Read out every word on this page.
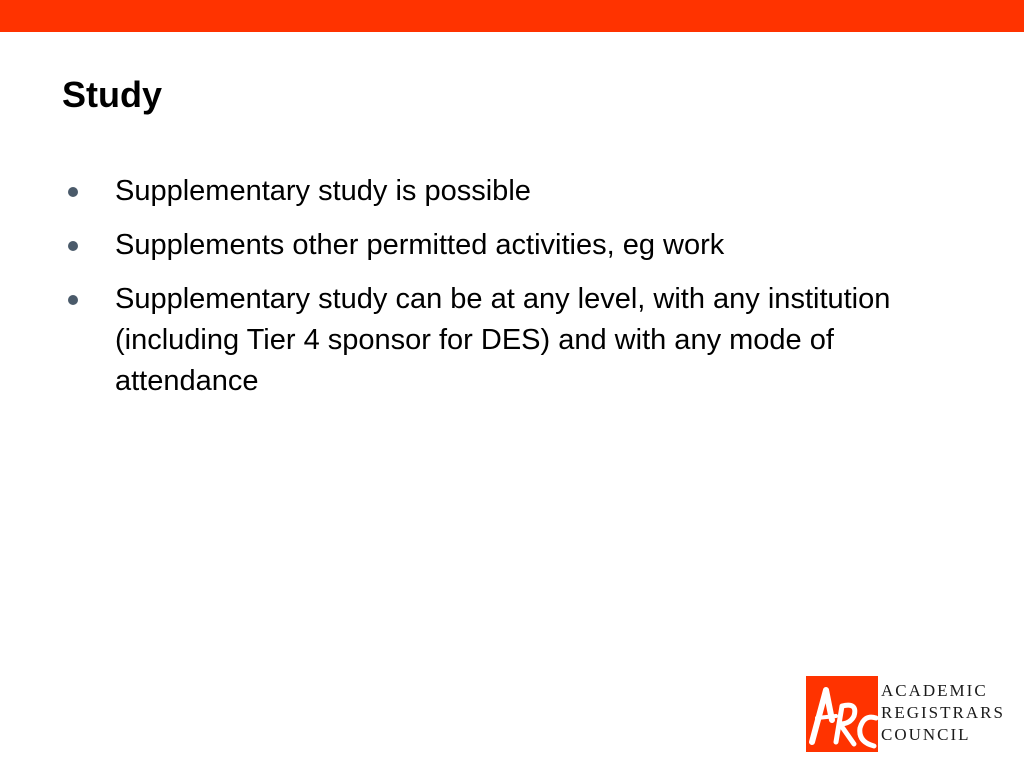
Study
Supplementary study is possible
Supplements other permitted activities, eg work
Supplementary study can be at any level, with any institution (including Tier 4 sponsor for DES) and with any mode of attendance
ACADEMIC
REGISTRARS
COUNCIL
